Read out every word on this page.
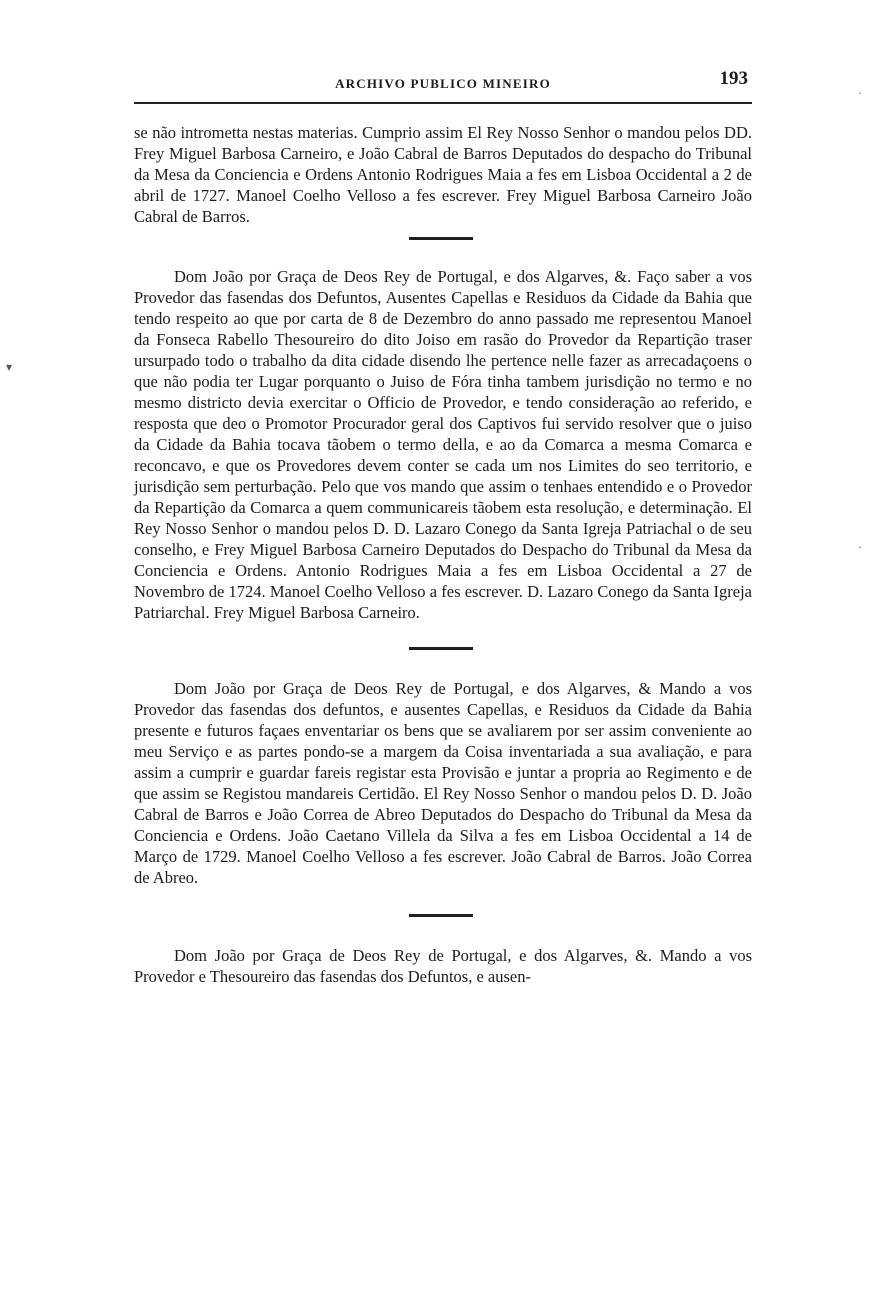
ARCHIVO PUBLICO MINEIRO	193
▾
·
·

se não intrometta nestas materias. Cumprio assim El Rey Nosso Senhor o mandou pelos DD. Frey Miguel Barbosa Carneiro, e João Cabral de Barros Deputados do despacho do Tribunal da Mesa da Conciencia e Ordens Antonio Rodrigues Maia a fes em Lisboa Occidental a 2 de abril de 1727. Manoel Coelho Velloso a fes escrever. Frey Miguel Barbosa Carneiro João Cabral de Barros.

Dom João por Graça de Deos Rey de Portugal, e dos Algarves, &. Faço saber a vos Provedor das fasendas dos Defuntos, Ausentes Capellas e Residuos da Cidade da Bahia que tendo respeito ao que por carta de 8 de Dezembro do anno passado me representou Manoel da Fonseca Rabello Thesoureiro do dito Joiso em rasão do Provedor da Repartição traser ursurpado todo o trabalho da dita cidade disendo lhe pertence nelle fazer as arrecadaçoens o que não podia ter Lugar porquanto o Juiso de Fóra tinha tambem jurisdição no termo e no mesmo districto devia exercitar o Officio de Provedor, e tendo consideração ao referido, e resposta que deo o Promotor Procurador geral dos Captivos fui servido resolver que o juiso da Cidade da Bahia tocava tãobem o termo della, e ao da Comarca a mesma Comarca e reconcavo, e que os Provedores devem conter se cada um nos Limites do seo territorio, e jurisdição sem perturbação. Pelo que vos mando que assim o tenhaes entendido e o Provedor da Repartição da Comarca a quem communicareis tãobem esta resolução, e determinação. El Rey Nosso Senhor o mandou pelos D. D. Lazaro Conego da Santa Igreja Patriachal o de seu conselho, e Frey Miguel Barbosa Carneiro Deputados do Despacho do Tribunal da Mesa da Conciencia e Ordens. Antonio Rodrigues Maia a fes em Lisboa Occidental a 27 de Novembro de 1724. Manoel Coelho Velloso a fes escrever. D. Lazaro Conego da Santa Igreja Patriarchal. Frey Miguel Barbosa Carneiro.

Dom João por Graça de Deos Rey de Portugal, e dos Algarves, & Mando a vos Provedor das fasendas dos defuntos, e ausentes Capellas, e Residuos da Cidade da Bahia presente e futuros façaes enventariar os bens que se avaliarem por ser assim conveniente ao meu Serviço e as partes pondo-se a margem da Coisa inventariada a sua avaliação, e para assim a cumprir e guardar fareis registar esta Provisão e juntar a propria ao Regimento e de que assim se Registou mandareis Certidão. El Rey Nosso Senhor o mandou pelos D. D. João Cabral de Barros e João Correa de Abreo Deputados do Despacho do Tribunal da Mesa da Conciencia e Ordens. João Caetano Villela da Silva a fes em Lisboa Occidental a 14 de Março de 1729. Manoel Coelho Velloso a fes escrever. João Cabral de Barros. João Correa de Abreo.

Dom João por Graça de Deos Rey de Portugal, e dos Algarves, &. Mando a vos Provedor e Thesoureiro das fasendas dos Defuntos, e ausen-
